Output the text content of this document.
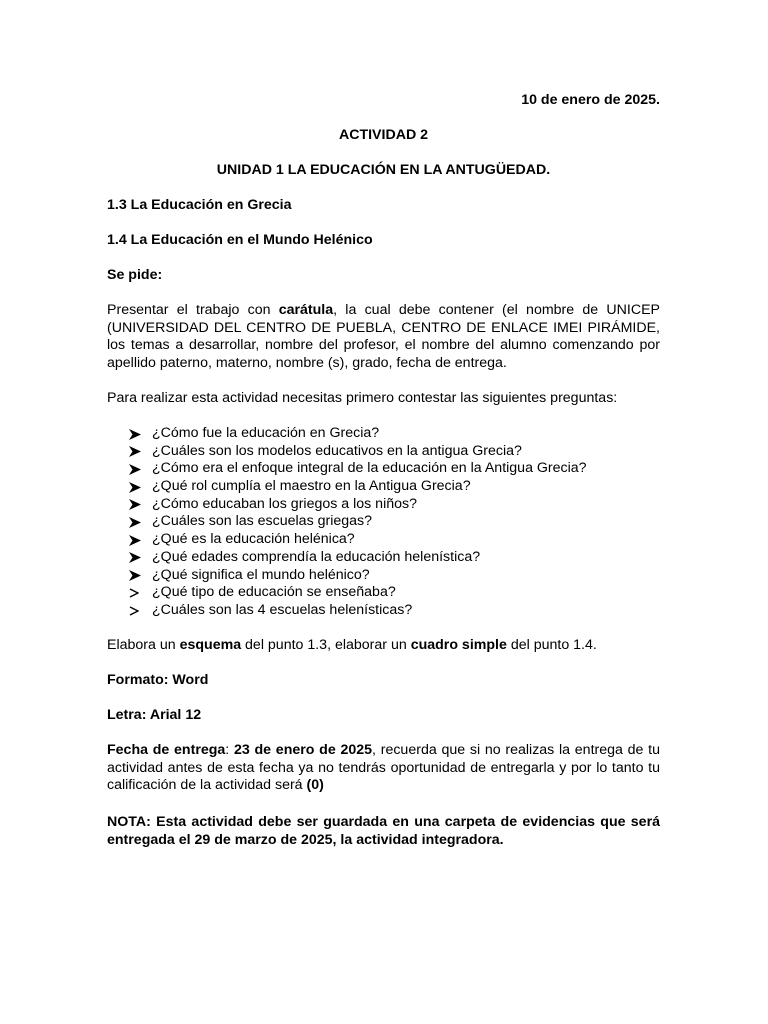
10 de enero de 2025.

ACTIVIDAD 2

UNIDAD 1 LA EDUCACIÓN EN LA ANTUGÜEDAD.

1.3 La Educación en Grecia

1.4 La Educación en el Mundo Helénico

Se pide:

Presentar el trabajo con carátula, la cual debe contener (el nombre de UNICEP (UNIVERSIDAD DEL CENTRO DE PUEBLA, CENTRO DE ENLACE IMEI PIRÁMIDE, los temas a desarrollar, nombre del profesor, el nombre del alumno comenzando por apellido paterno, materno, nombre (s), grado, fecha de entrega.

Para realizar esta actividad necesitas primero contestar las siguientes preguntas:

¿Cómo fue la educación en Grecia?
¿Cuáles son los modelos educativos en la antigua Grecia?
¿Cómo era el enfoque integral de la educación en la Antigua Grecia?
¿Qué rol cumplía el maestro en la Antigua Grecia?
¿Cómo educaban los griegos a los niños?
¿Cuáles son las escuelas griegas?
¿Qué es la educación helénica?
¿Qué edades comprendía la educación helenística?
¿Qué significa el mundo helénico?
¿Qué tipo de educación se enseñaba?
¿Cuáles son las 4 escuelas helenísticas?

Elabora un esquema del punto 1.3, elaborar un cuadro simple del punto 1.4.

Formato: Word

Letra: Arial 12

Fecha de entrega: 23 de enero de 2025, recuerda que si no realizas la entrega de tu actividad antes de esta fecha ya no tendrás oportunidad de entregarla y por lo tanto tu calificación de la actividad será (0)

NOTA: Esta actividad debe ser guardada en una carpeta de evidencias que será entregada el 29 de marzo de 2025, la actividad integradora.
